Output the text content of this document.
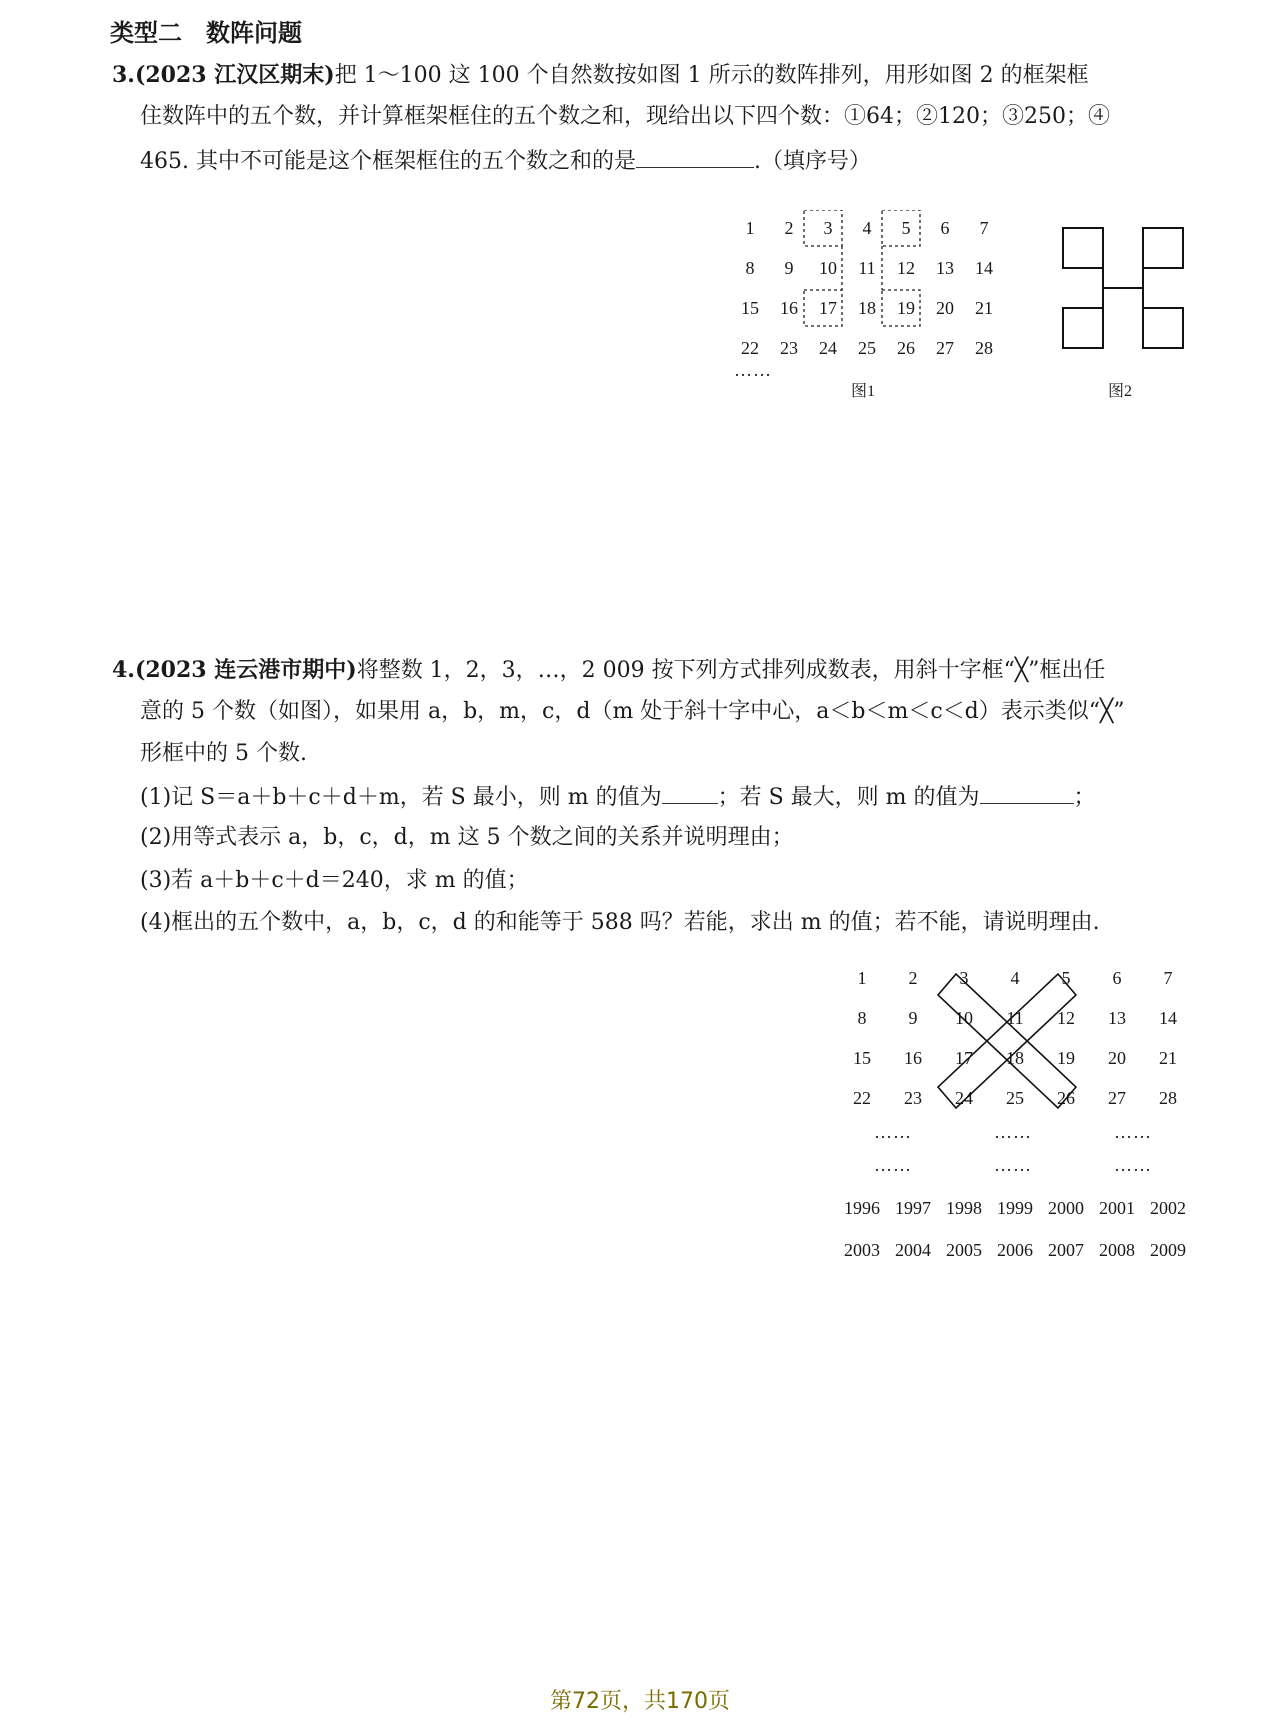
类型二　数阵问题
3.(2023 江汉区期末)把 1～100 这 100 个自然数按如图 1 所示的数阵排列，用形如图 2 的框架框
住数阵中的五个数，并计算框架框住的五个数之和，现给出以下四个数：①64；②120；③250；④
465. 其中不可能是这个框架框住的五个数之和的是	.（填序号）
1	2	3	4	5	6	7
8	9	10	11	12	13	14
15	16	17	18	19	20	21
22	23	24	25	26	27	28
……
图1	图2
4.(2023 连云港市期中)将整数 1，2，3，…，2 009 按下列方式排列成数表，用斜十字框“╳”框出任
意的 5 个数（如图），如果用 a，b，m，c，d（m 处于斜十字中心，a＜b＜m＜c＜d）表示类似“╳”
形框中的 5 个数.
(1)记 S＝a＋b＋c＋d＋m，若 S 最小，则 m 的值为	；若 S 最大，则 m 的值为	；
(2)用等式表示 a，b，c，d，m 这 5 个数之间的关系并说明理由；
(3)若 a＋b＋c＋d＝240，求 m 的值；
(4)框出的五个数中，a，b，c，d 的和能等于 588 吗？若能，求出 m 的值；若不能，请说明理由.
1	2	3	4	5	6	7
8	9	10	11	12	13	14
15	16	17	18	19	20	21
22	23	24	25	26	27	28
1996 1997 1998 1999 2000 2001 2002
2003 2004 2005 2006 2007 2008 2009
……	……	……
……	……	……
第72页，共170页
